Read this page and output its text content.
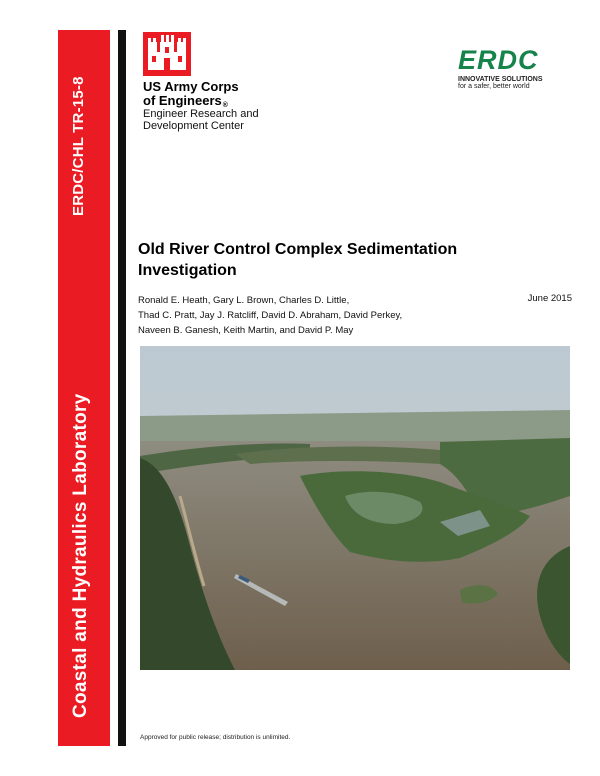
ERDC/CHL TR-15-8
Coastal and Hydraulics Laboratory
US Army Corps
of Engineers®
Engineer Research and
Development Center
ERDC
INNOVATIVE SOLUTIONS
for a safer, better world
Old River Control Complex Sedimentation Investigation
Ronald E. Heath, Gary L. Brown, Charles D. Little,
Thad C. Pratt, Jay J. Ratcliff, David D. Abraham, David Perkey,
Naveen B. Ganesh, Keith Martin, and David P. May
June 2015
Approved for public release; distribution is unlimited.
